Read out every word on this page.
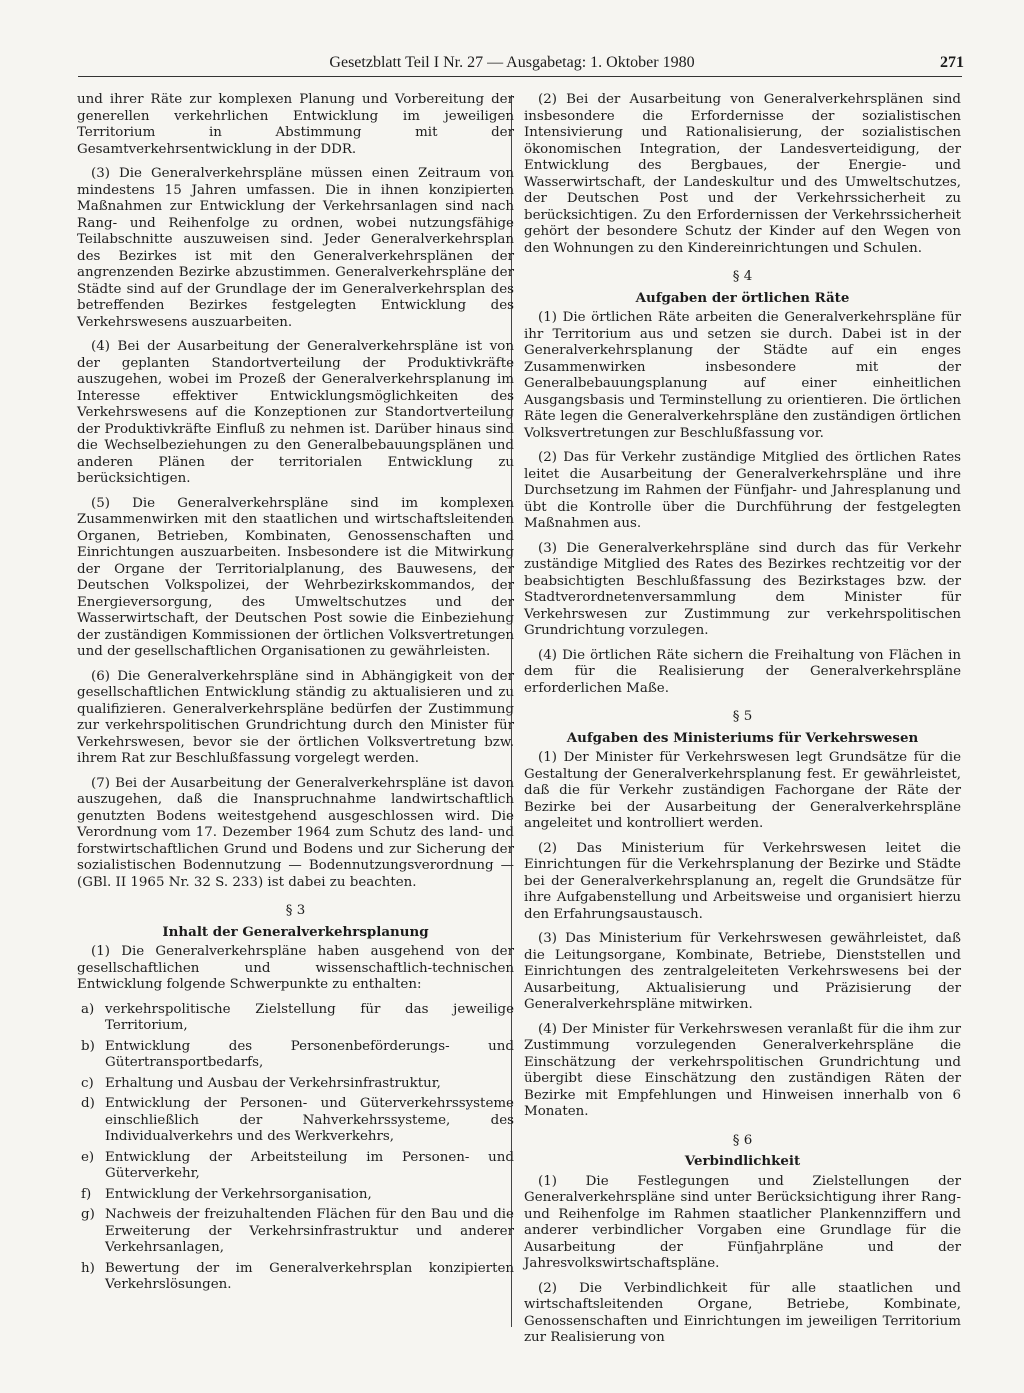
Gesetzblatt Teil I Nr. 27 — Ausgabetag: 1. Oktober 1980	271

und ihrer Räte zur komplexen Planung und Vorbereitung der generellen verkehrlichen Entwicklung im jeweiligen Territorium in Abstimmung mit der Gesamtverkehrsentwicklung in der DDR.

(3) Die Generalverkehrspläne müssen einen Zeitraum von mindestens 15 Jahren umfassen. Die in ihnen konzipierten Maßnahmen zur Entwicklung der Verkehrsanlagen sind nach Rang- und Reihenfolge zu ordnen, wobei nutzungsfähige Teilabschnitte auszuweisen sind. Jeder Generalverkehrsplan des Bezirkes ist mit den Generalverkehrsplänen der angrenzenden Bezirke abzustimmen. Generalverkehrspläne der Städte sind auf der Grundlage der im Generalverkehrsplan des betreffenden Bezirkes festgelegten Entwicklung des Verkehrswesens auszuarbeiten.

(4) Bei der Ausarbeitung der Generalverkehrspläne ist von der geplanten Standortverteilung der Produktivkräfte auszugehen, wobei im Prozeß der Generalverkehrsplanung im Interesse effektiver Entwicklungsmöglichkeiten des Verkehrswesens auf die Konzeptionen zur Standortverteilung der Produktivkräfte Einfluß zu nehmen ist. Darüber hinaus sind die Wechselbeziehungen zu den Generalbebauungsplänen und anderen Plänen der territorialen Entwicklung zu berücksichtigen.

(5) Die Generalverkehrspläne sind im komplexen Zusammenwirken mit den staatlichen und wirtschaftsleitenden Organen, Betrieben, Kombinaten, Genossenschaften und Einrichtungen auszuarbeiten. Insbesondere ist die Mitwirkung der Organe der Territorialplanung, des Bauwesens, der Deutschen Volkspolizei, der Wehrbezirkskommandos, der Energieversorgung, des Umweltschutzes und der Wasserwirtschaft, der Deutschen Post sowie die Einbeziehung der zuständigen Kommissionen der örtlichen Volksvertretungen und der gesellschaftlichen Organisationen zu gewährleisten.

(6) Die Generalverkehrspläne sind in Abhängigkeit von der gesellschaftlichen Entwicklung ständig zu aktualisieren und zu qualifizieren. Generalverkehrspläne bedürfen der Zustimmung zur verkehrspolitischen Grundrichtung durch den Minister für Verkehrswesen, bevor sie der örtlichen Volksvertretung bzw. ihrem Rat zur Beschlußfassung vorgelegt werden.

(7) Bei der Ausarbeitung der Generalverkehrspläne ist davon auszugehen, daß die Inanspruchnahme landwirtschaftlich genutzten Bodens weitestgehend ausgeschlossen wird. Die Verordnung vom 17. Dezember 1964 zum Schutz des land- und forstwirtschaftlichen Grund und Bodens und zur Sicherung der sozialistischen Bodennutzung — Bodennutzungsverordnung — (GBl. II 1965 Nr. 32 S. 233) ist dabei zu beachten.

§ 3

Inhalt der Generalverkehrsplanung

(1) Die Generalverkehrspläne haben ausgehend von der gesellschaftlichen und wissenschaftlich-technischen Entwicklung folgende Schwerpunkte zu enthalten:

a) verkehrspolitische Zielstellung für das jeweilige Territorium,
b) Entwicklung des Personenbeförderungs- und Gütertransportbedarfs,
c) Erhaltung und Ausbau der Verkehrsinfrastruktur,
d) Entwicklung der Personen- und Güterverkehrssysteme einschließlich der Nahverkehrssysteme, des Individualverkehrs und des Werkverkehrs,
e) Entwicklung der Arbeitsteilung im Personen- und Güterverkehr,
f) Entwicklung der Verkehrsorganisation,
g) Nachweis der freizuhaltenden Flächen für den Bau und die Erweiterung der Verkehrsinfrastruktur und anderer Verkehrsanlagen,
h) Bewertung der im Generalverkehrsplan konzipierten Verkehrslösungen.

(2) Bei der Ausarbeitung von Generalverkehrsplänen sind insbesondere die Erfordernisse der sozialistischen Intensivierung und Rationalisierung, der sozialistischen ökonomischen Integration, der Landesverteidigung, der Entwicklung des Bergbaues, der Energie- und Wasserwirtschaft, der Landeskultur und des Umweltschutzes, der Deutschen Post und der Verkehrssicherheit zu berücksichtigen. Zu den Erfordernissen der Verkehrssicherheit gehört der besondere Schutz der Kinder auf den Wegen von den Wohnungen zu den Kindereinrichtungen und Schulen.

§ 4

Aufgaben der örtlichen Räte

(1) Die örtlichen Räte arbeiten die Generalverkehrspläne für ihr Territorium aus und setzen sie durch. Dabei ist in der Generalverkehrsplanung der Städte auf ein enges Zusammenwirken insbesondere mit der Generalbebauungsplanung auf einer einheitlichen Ausgangsbasis und Terminstellung zu orientieren. Die örtlichen Räte legen die Generalverkehrspläne den zuständigen örtlichen Volksvertretungen zur Beschlußfassung vor.

(2) Das für Verkehr zuständige Mitglied des örtlichen Rates leitet die Ausarbeitung der Generalverkehrspläne und ihre Durchsetzung im Rahmen der Fünfjahr- und Jahresplanung und übt die Kontrolle über die Durchführung der festgelegten Maßnahmen aus.

(3) Die Generalverkehrspläne sind durch das für Verkehr zuständige Mitglied des Rates des Bezirkes rechtzeitig vor der beabsichtigten Beschlußfassung des Bezirkstages bzw. der Stadtverordnetenversammlung dem Minister für Verkehrswesen zur Zustimmung zur verkehrspolitischen Grundrichtung vorzulegen.

(4) Die örtlichen Räte sichern die Freihaltung von Flächen in dem für die Realisierung der Generalverkehrspläne erforderlichen Maße.

§ 5

Aufgaben des Ministeriums für Verkehrswesen

(1) Der Minister für Verkehrswesen legt Grundsätze für die Gestaltung der Generalverkehrsplanung fest. Er gewährleistet, daß die für Verkehr zuständigen Fachorgane der Räte der Bezirke bei der Ausarbeitung der Generalverkehrspläne angeleitet und kontrolliert werden.

(2) Das Ministerium für Verkehrswesen leitet die Einrichtungen für die Verkehrsplanung der Bezirke und Städte bei der Generalverkehrsplanung an, regelt die Grundsätze für ihre Aufgabenstellung und Arbeitsweise und organisiert hierzu den Erfahrungsaustausch.

(3) Das Ministerium für Verkehrswesen gewährleistet, daß die Leitungsorgane, Kombinate, Betriebe, Dienststellen und Einrichtungen des zentralgeleiteten Verkehrswesens bei der Ausarbeitung, Aktualisierung und Präzisierung der Generalverkehrspläne mitwirken.

(4) Der Minister für Verkehrswesen veranlaßt für die ihm zur Zustimmung vorzulegenden Generalverkehrspläne die Einschätzung der verkehrspolitischen Grundrichtung und übergibt diese Einschätzung den zuständigen Räten der Bezirke mit Empfehlungen und Hinweisen innerhalb von 6 Monaten.

§ 6

Verbindlichkeit

(1) Die Festlegungen und Zielstellungen der Generalverkehrspläne sind unter Berücksichtigung ihrer Rang- und Reihenfolge im Rahmen staatlicher Plankennziffern und anderer verbindlicher Vorgaben eine Grundlage für die Ausarbeitung der Fünfjahrpläne und der Jahresvolkswirtschaftspläne.

(2) Die Verbindlichkeit für alle staatlichen und wirtschaftsleitenden Organe, Betriebe, Kombinate, Genossenschaften und Einrichtungen im jeweiligen Territorium zur Realisierung von
